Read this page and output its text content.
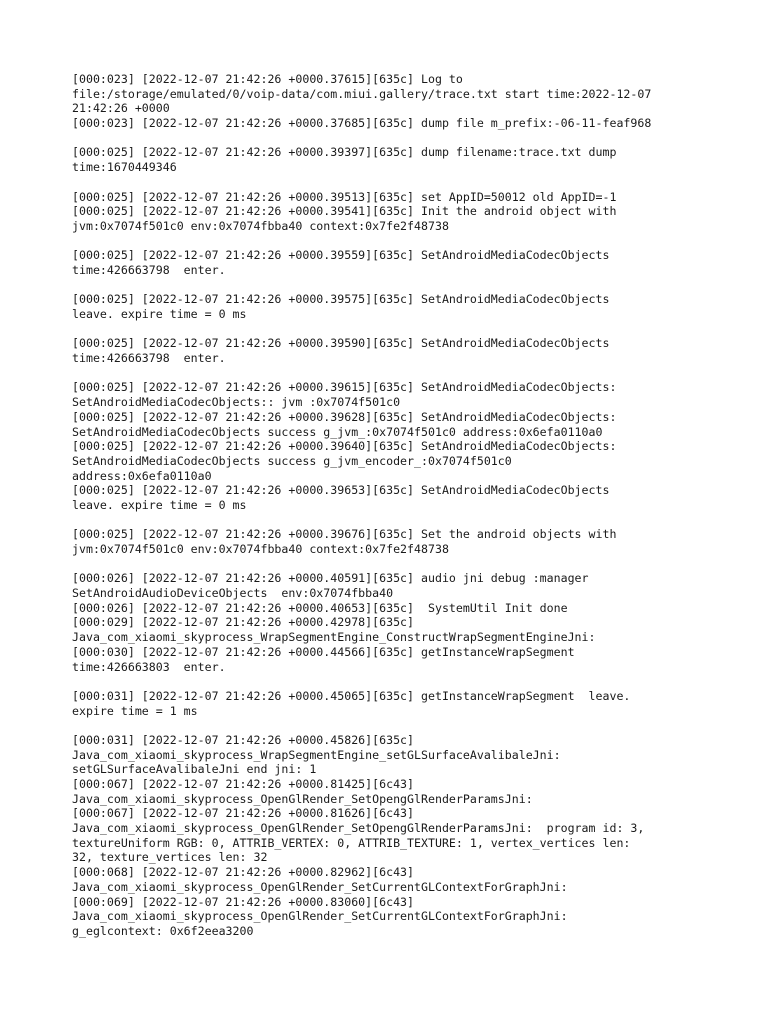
[000:023] [2022-12-07 21:42:26 +0000.37615][635c] Log to
file:/storage/emulated/0/voip-data/com.miui.gallery/trace.txt start time:2022-12-07
21:42:26 +0000
[000:023] [2022-12-07 21:42:26 +0000.37685][635c] dump file m_prefix:-06-11-feaf968
[000:025] [2022-12-07 21:42:26 +0000.39397][635c] dump filename:trace.txt dump
time:1670449346
[000:025] [2022-12-07 21:42:26 +0000.39513][635c] set AppID=50012 old AppID=-1
[000:025] [2022-12-07 21:42:26 +0000.39541][635c] Init the android object with
jvm:0x7074f501c0 env:0x7074fbba40 context:0x7fe2f48738
[000:025] [2022-12-07 21:42:26 +0000.39559][635c] SetAndroidMediaCodecObjects
time:426663798  enter.
[000:025] [2022-12-07 21:42:26 +0000.39575][635c] SetAndroidMediaCodecObjects
leave. expire time = 0 ms
[000:025] [2022-12-07 21:42:26 +0000.39590][635c] SetAndroidMediaCodecObjects
time:426663798  enter.
[000:025] [2022-12-07 21:42:26 +0000.39615][635c] SetAndroidMediaCodecObjects:
SetAndroidMediaCodecObjects:: jvm :0x7074f501c0
[000:025] [2022-12-07 21:42:26 +0000.39628][635c] SetAndroidMediaCodecObjects:
SetAndroidMediaCodecObjects success g_jvm_:0x7074f501c0 address:0x6efa0110a0
[000:025] [2022-12-07 21:42:26 +0000.39640][635c] SetAndroidMediaCodecObjects:
SetAndroidMediaCodecObjects success g_jvm_encoder_:0x7074f501c0
address:0x6efa0110a0
[000:025] [2022-12-07 21:42:26 +0000.39653][635c] SetAndroidMediaCodecObjects
leave. expire time = 0 ms
[000:025] [2022-12-07 21:42:26 +0000.39676][635c] Set the android objects with
jvm:0x7074f501c0 env:0x7074fbba40 context:0x7fe2f48738
[000:026] [2022-12-07 21:42:26 +0000.40591][635c] audio jni debug :manager
SetAndroidAudioDeviceObjects  env:0x7074fbba40
[000:026] [2022-12-07 21:42:26 +0000.40653][635c]  SystemUtil Init done
[000:029] [2022-12-07 21:42:26 +0000.42978][635c]
Java_com_xiaomi_skyprocess_WrapSegmentEngine_ConstructWrapSegmentEngineJni:
[000:030] [2022-12-07 21:42:26 +0000.44566][635c] getInstanceWrapSegment
time:426663803  enter.
[000:031] [2022-12-07 21:42:26 +0000.45065][635c] getInstanceWrapSegment  leave.
expire time = 1 ms
[000:031] [2022-12-07 21:42:26 +0000.45826][635c]
Java_com_xiaomi_skyprocess_WrapSegmentEngine_setGLSurfaceAvalibaleJni:
setGLSurfaceAvalibaleJni end jni: 1
[000:067] [2022-12-07 21:42:26 +0000.81425][6c43]
Java_com_xiaomi_skyprocess_OpenGlRender_SetOpengGlRenderParamsJni:
[000:067] [2022-12-07 21:42:26 +0000.81626][6c43]
Java_com_xiaomi_skyprocess_OpenGlRender_SetOpengGlRenderParamsJni:  program id: 3,
textureUniform RGB: 0, ATTRIB_VERTEX: 0, ATTRIB_TEXTURE: 1, vertex_vertices len:
32, texture_vertices len: 32
[000:068] [2022-12-07 21:42:26 +0000.82962][6c43]
Java_com_xiaomi_skyprocess_OpenGlRender_SetCurrentGLContextForGraphJni:
[000:069] [2022-12-07 21:42:26 +0000.83060][6c43]
Java_com_xiaomi_skyprocess_OpenGlRender_SetCurrentGLContextForGraphJni:
g_eglcontext: 0x6f2eea3200
